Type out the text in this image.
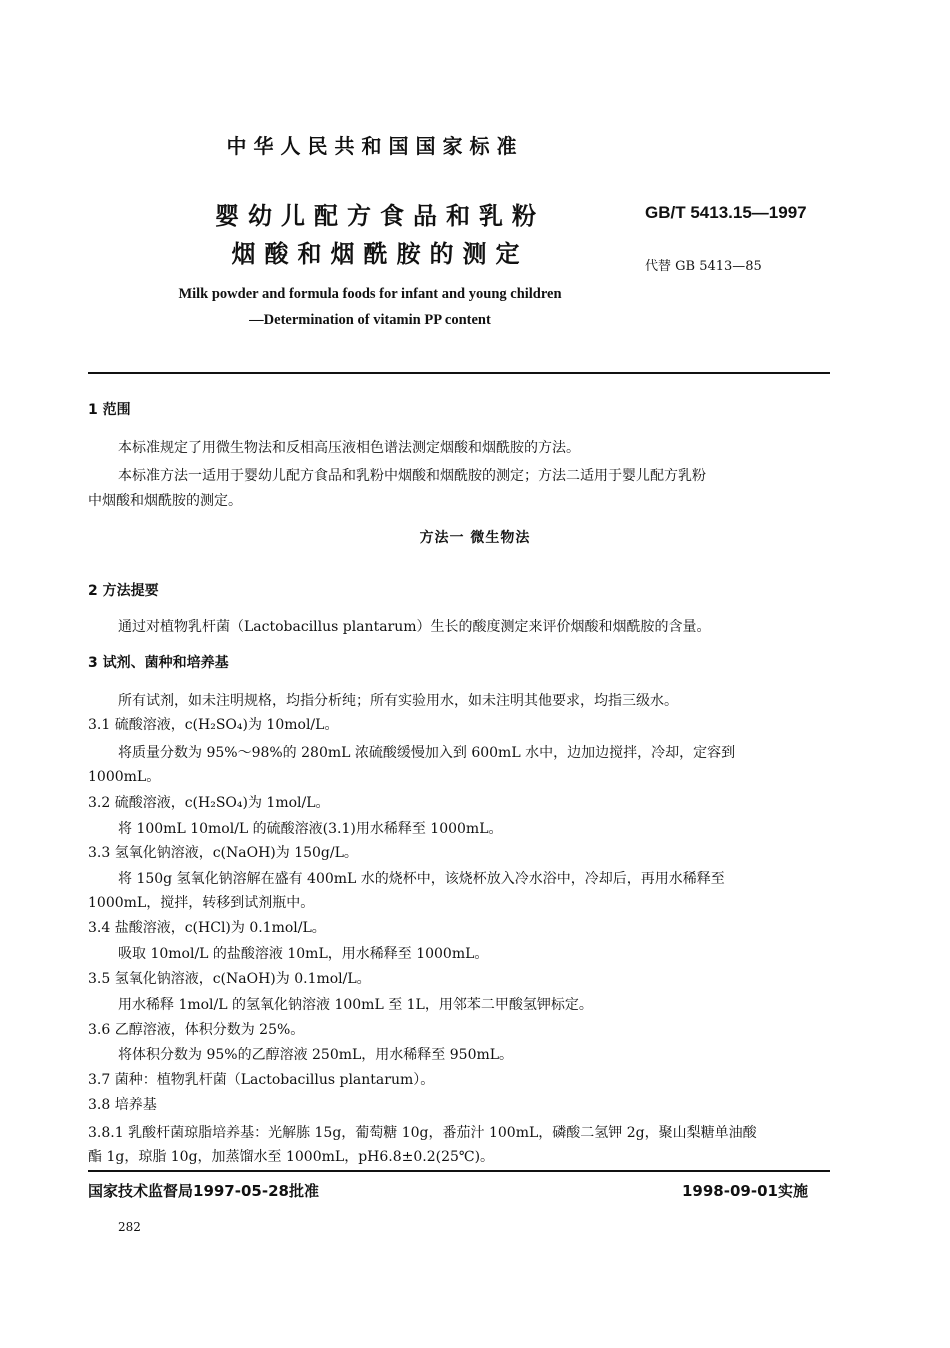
中华人民共和国国家标准
婴幼儿配方食品和乳粉
烟酸和烟酰胺的测定
GB/T 5413.15—1997
代替 GB 5413—85
Milk powder and formula foods for infant and young children
—Determination of vitamin PP content
1 范围
本标准规定了用微生物法和反相高压液相色谱法测定烟酸和烟酰胺的方法。
本标准方法一适用于婴幼儿配方食品和乳粉中烟酸和烟酰胺的测定；方法二适用于婴儿配方乳粉
中烟酸和烟酰胺的测定。
方法一 微生物法
2 方法提要
通过对植物乳杆菌（Lactobacillus plantarum）生长的酸度测定来评价烟酸和烟酰胺的含量。
3 试剂、菌种和培养基
所有试剂，如未注明规格，均指分析纯；所有实验用水，如未注明其他要求，均指三级水。
3.1 硫酸溶液，c(H₂SO₄)为 10mol/L。
将质量分数为 95%～98%的 280mL 浓硫酸缓慢加入到 600mL 水中，边加边搅拌，冷却，定容到
1000mL。
3.2 硫酸溶液，c(H₂SO₄)为 1mol/L。
将 100mL 10mol/L 的硫酸溶液(3.1)用水稀释至 1000mL。
3.3 氢氧化钠溶液，c(NaOH)为 150g/L。
将 150g 氢氧化钠溶解在盛有 400mL 水的烧杯中，该烧杯放入冷水浴中，冷却后，再用水稀释至
1000mL，搅拌，转移到试剂瓶中。
3.4 盐酸溶液，c(HCl)为 0.1mol/L。
吸取 10mol/L 的盐酸溶液 10mL，用水稀释至 1000mL。
3.5 氢氧化钠溶液，c(NaOH)为 0.1mol/L。
用水稀释 1mol/L 的氢氧化钠溶液 100mL 至 1L，用邻苯二甲酸氢钾标定。
3.6 乙醇溶液，体积分数为 25%。
将体积分数为 95%的乙醇溶液 250mL，用水稀释至 950mL。
3.7 菌种：植物乳杆菌（Lactobacillus plantarum）。
3.8 培养基
3.8.1 乳酸杆菌琼脂培养基：光解胨 15g，葡萄糖 10g，番茄汁 100mL，磷酸二氢钾 2g，聚山梨糖单油酸
酯 1g，琼脂 10g，加蒸馏水至 1000mL，pH6.8±0.2(25℃)。
国家技术监督局1997-05-28批准	1998-09-01实施
282
